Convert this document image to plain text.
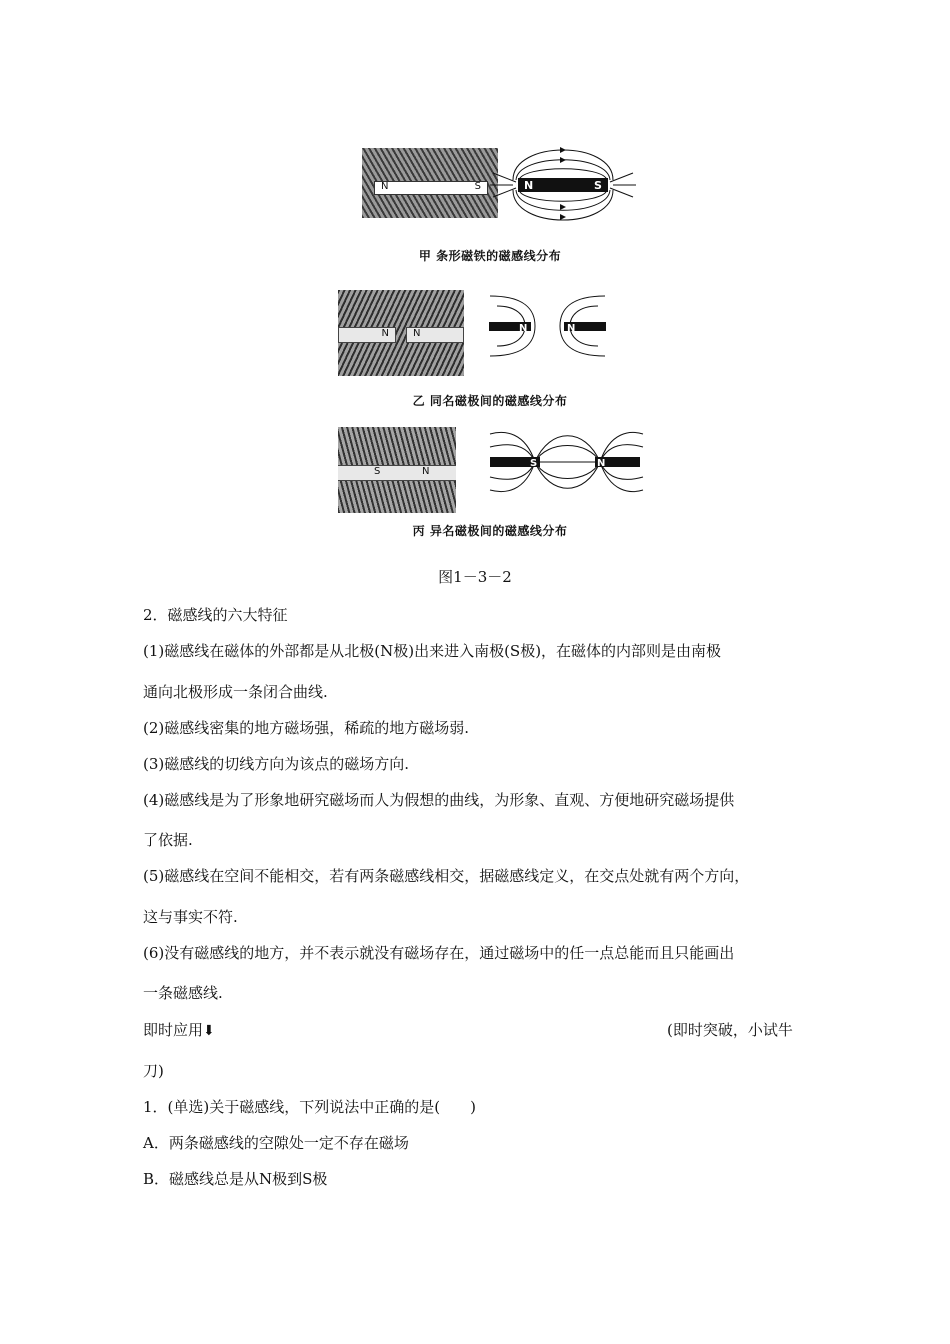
N	S	N	S
甲 条形磁铁的磁感线分布
N N	N	N
乙 同名磁极间的磁感线分布
S	N
S	N
丙 异名磁极间的磁感线分布
图1－3－2
2．磁感线的六大特征
(1)磁感线在磁体的外部都是从北极(N极)出来进入南极(S极)，在磁体的内部则是由南极
通向北极形成一条闭合曲线.
(2)磁感线密集的地方磁场强，稀疏的地方磁场弱.
(3)磁感线的切线方向为该点的磁场方向.
(4)磁感线是为了形象地研究磁场而人为假想的曲线，为形象、直观、方便地研究磁场提供
了依据.
(5)磁感线在空间不能相交，若有两条磁感线相交，据磁感线定义，在交点处就有两个方向，
这与事实不符.
(6)没有磁感线的地方，并不表示就没有磁场存在，通过磁场中的任一点总能而且只能画出
一条磁感线.
即时应用⬇	(即时突破，小试牛
刀)
1．(单选)关于磁感线，下列说法中正确的是(　　)
A．两条磁感线的空隙处一定不存在磁场
B．磁感线总是从N极到S极
